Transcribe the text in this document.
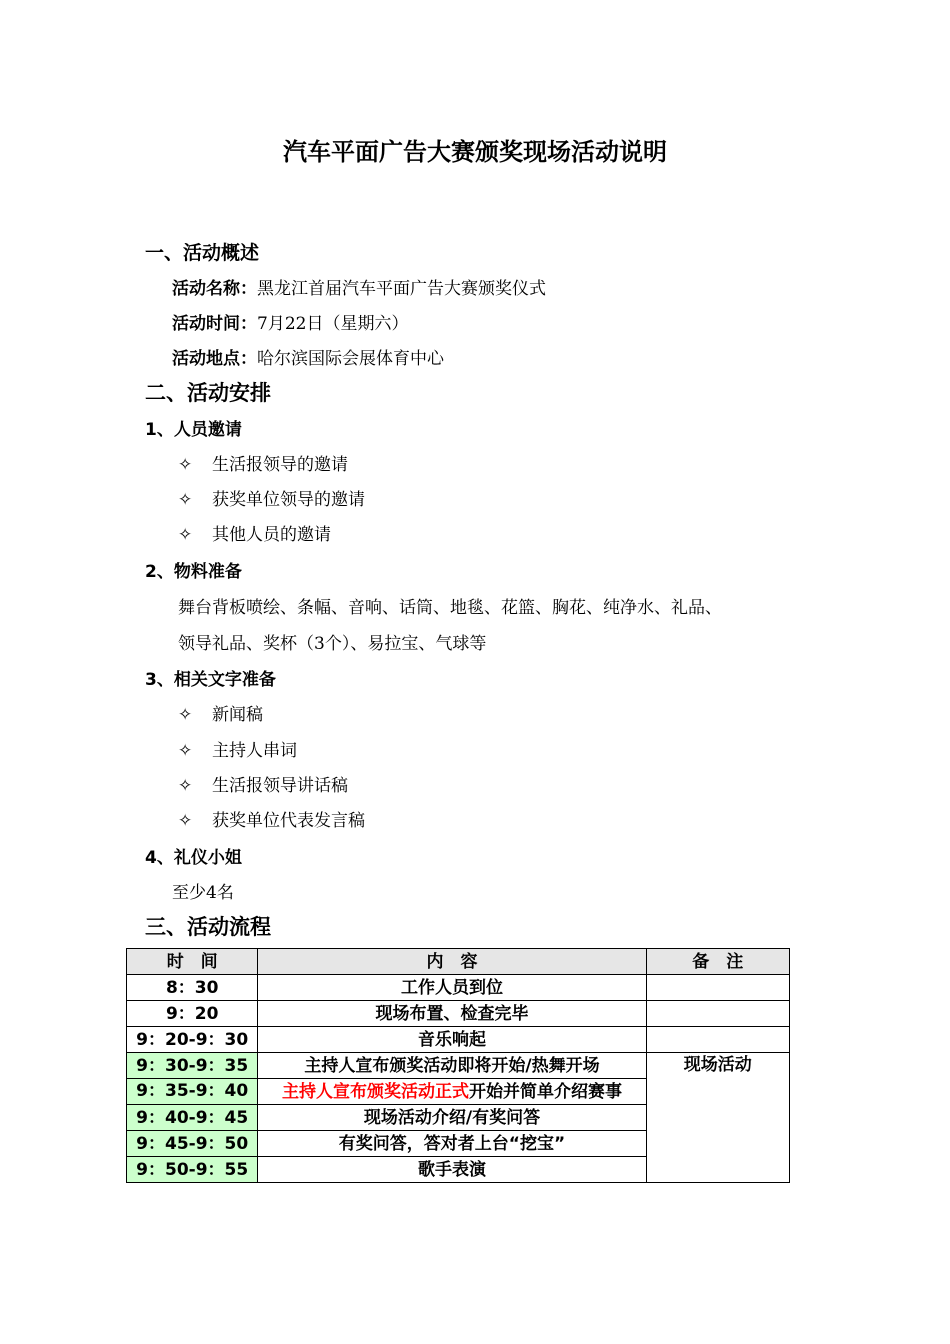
汽车平面广告大赛颁奖现场活动说明
一、活动概述
活动名称：黑龙江首届汽车平面广告大赛颁奖仪式
活动时间：7月22日（星期六）
活动地点：哈尔滨国际会展体育中心
二、活动安排
1、人员邀请
✧ 生活报领导的邀请
✧ 获奖单位领导的邀请
✧ 其他人员的邀请
2、物料准备
舞台背板喷绘、条幅、音响、话筒、地毯、花篮、胸花、纯净水、礼品、
领导礼品、奖杯（3个）、易拉宝、气球等
3、相关文字准备
✧ 新闻稿
✧ 主持人串词
✧ 生活报领导讲话稿
✧ 获奖单位代表发言稿
4、礼仪小姐
至少4名
三、活动流程
时　间	内　容	备　注
8：30	工作人员到位	
9：20	现场布置、检查完毕	
9：20-9：30	音乐响起	
9：30-9：35	主持人宣布颁奖活动即将开始/热舞开场	现场活动
9：35-9：40	主持人宣布颁奖活动正式开始并简单介绍赛事	
9：40-9：45	现场活动介绍/有奖问答	
9：45-9：50	有奖问答，答对者上台“挖宝”	
9：50-9：55	歌手表演	
